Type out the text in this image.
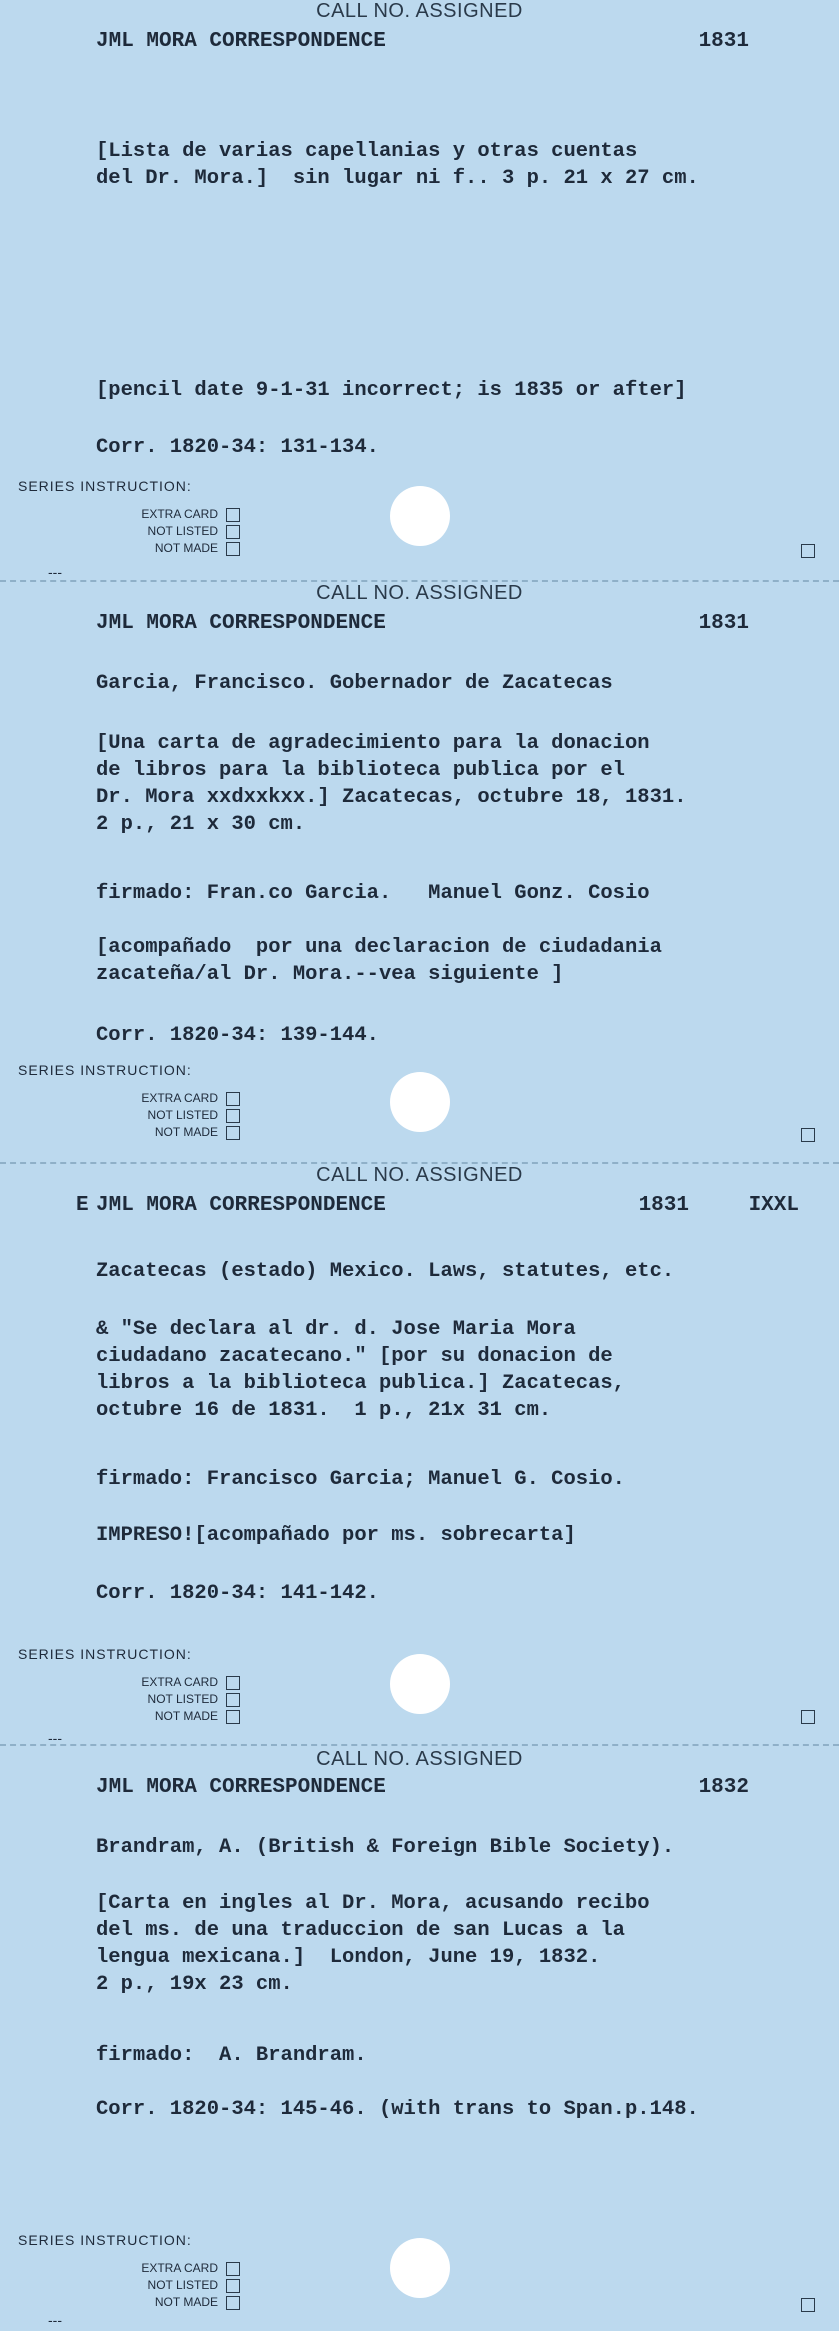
CALL NO. ASSIGNED
JML MORA CORRESPONDENCE	1831
[Lista de varias capellanias y otras cuentas
del Dr. Mora.]  sin lugar ni f.. 3 p. 21 x 27 cm.
[pencil date 9-1-31 incorrect; is 1835 or after]
Corr. 1820-34: 131-134.
SERIES INSTRUCTION:
EXTRA CARD
NOT LISTED
NOT MADE
---
CALL NO. ASSIGNED
JML MORA CORRESPONDENCE	1831
Garcia, Francisco. Gobernador de Zacatecas
[Una carta de agradecimiento para la donacion
de libros para la biblioteca publica por el
Dr. Mora xxdxxkxx.] Zacatecas, octubre 18, 1831.
2 p., 21 x 30 cm.
firmado: Fran.co Garcia.   Manuel Gonz. Cosio
[acompañado  por una declaracion de ciudadania
zacateña/al Dr. Mora.--vea siguiente ]
Corr. 1820-34: 139-144.
SERIES INSTRUCTION:
EXTRA CARD
NOT LISTED
NOT MADE
CALL NO. ASSIGNED
E JML MORA CORRESPONDENCE	1831	IXXL
Zacatecas (estado) Mexico. Laws, statutes, etc.
& "Se declara al dr. d. Jose Maria Mora
ciudadano zacatecano." [por su donacion de
libros a la biblioteca publica.] Zacatecas,
octubre 16 de 1831.  1 p., 21x 31 cm.
firmado: Francisco Garcia; Manuel G. Cosio.
IMPRESO![acompañado por ms. sobrecarta]
Corr. 1820-34: 141-142.
SERIES INSTRUCTION:
EXTRA CARD
NOT LISTED
NOT MADE
---
CALL NO. ASSIGNED
JML MORA CORRESPONDENCE	1832
Brandram, A. (British & Foreign Bible Society).
[Carta en ingles al Dr. Mora, acusando recibo
del ms. de una traduccion de san Lucas a la
lengua mexicana.]  London, June 19, 1832.
2 p., 19x 23 cm.
firmado:  A. Brandram.
Corr. 1820-34: 145-46. (with trans to Span.p.148.
SERIES INSTRUCTION:
EXTRA CARD
NOT LISTED
NOT MADE
---
